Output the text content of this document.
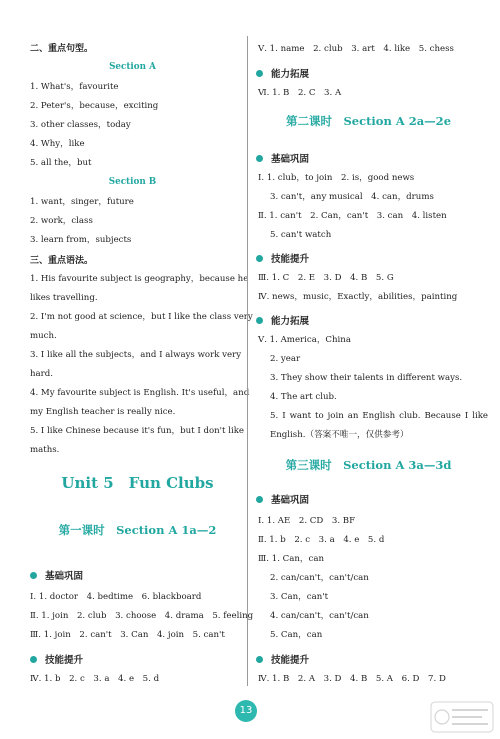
二、重点句型。
Section A
1. What's，favourite
2. Peter's，because，exciting
3. other classes，today
4. Why，like
5. all the，but
Section B
1. want，singer，future
2. work，class
3. learn from，subjects
三、重点语法。
1. His favourite subject is geography，because he
likes travelling.
2. I'm not good at science，but I like the class very
much.
3. I like all the subjects，and I always work very
hard.
4. My favourite subject is English. It's useful，and
my English teacher is really nice.
5. I like Chinese because it's fun，but I don't like
maths.
Unit 5　Fun Clubs
第一课时　Section A 1a—2
基础巩固
Ⅰ. 1. doctor　4. bedtime　6. blackboard
Ⅱ. 1. join　2. club　3. choose　4. drama　5. feeling
Ⅲ. 1. join　2. can't　3. Can　4. join　5. can't
技能提升
Ⅳ. 1. b　2. c　3. a　4. e　5. d
Ⅴ. 1. name　2. club　3. art　4. like　5. chess
能力拓展
Ⅵ. 1. B　2. C　3. A
第二课时　Section A 2a—2e
基础巩固
Ⅰ. 1. club，to join　2. is，good news
3. can't，any musical　4. can，drums
Ⅱ. 1. can't　2. Can，can't　3. can　4. listen
5. can't watch
技能提升
Ⅲ. 1. C　2. E　3. D　4. B　5. G
Ⅳ. news，music，Exactly，abilities，painting
能力拓展
Ⅴ. 1. America，China
2. year
3. They show their talents in different ways.
4. The art club.
5. I want to join an English club. Because I like
English.（答案不唯一，仅供参考）
第三课时　Section A 3a—3d
基础巩固
Ⅰ. 1. AE　2. CD　3. BF
Ⅱ. 1. b　2. c　3. a　4. e　5. d
Ⅲ. 1. Can，can
2. can/can't，can't/can
3. Can，can't
4. can/can't，can't/can
5. Can，can
技能提升
Ⅳ. 1. B　2. A　3. D　4. B　5. A　6. D　7. D
13
